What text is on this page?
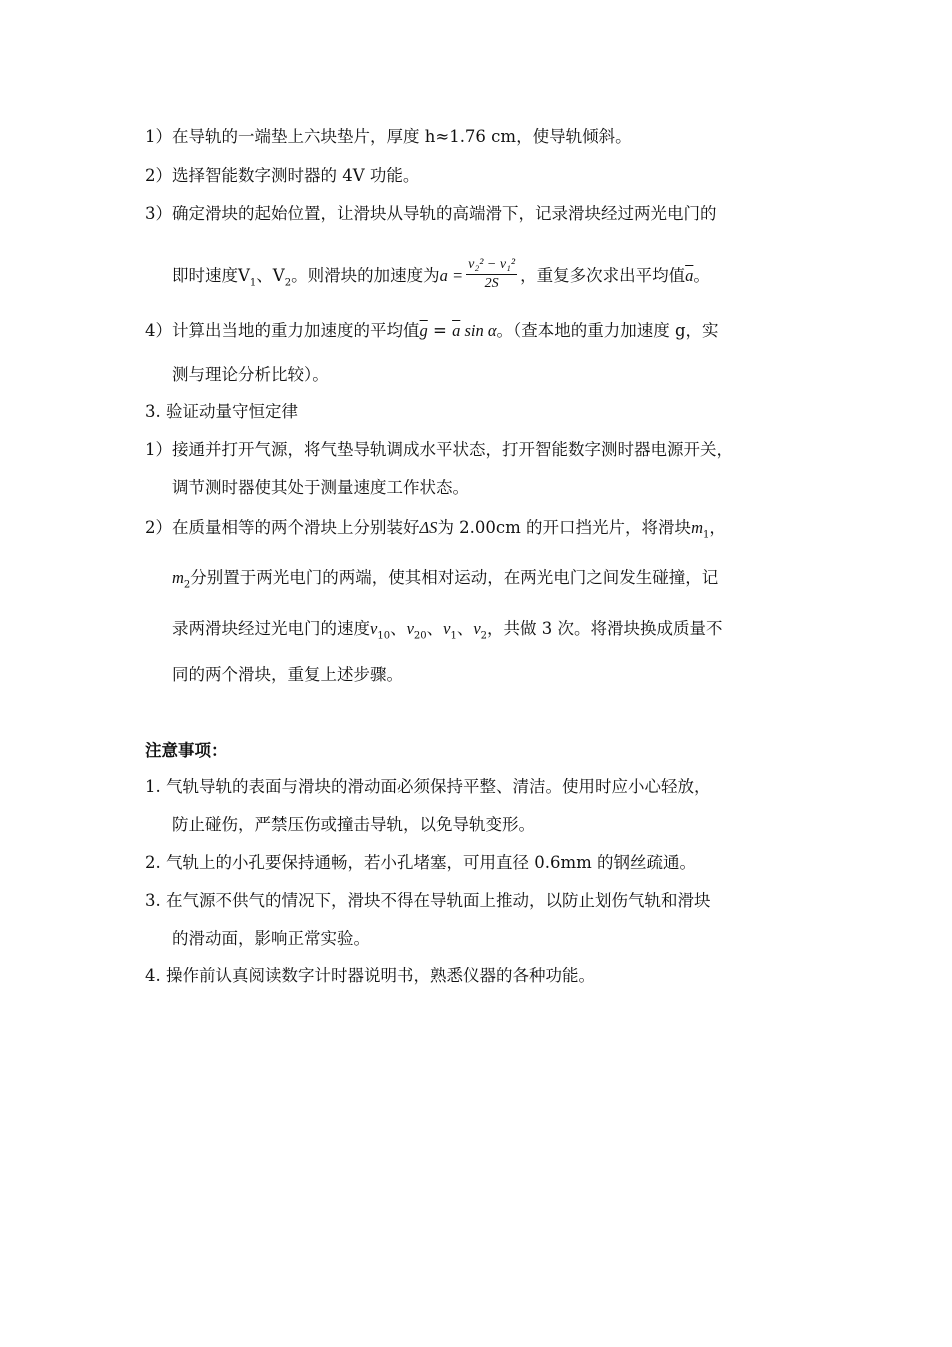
1）在导轨的一端垫上六块垫片，厚度 h≈1.76 cm，使导轨倾斜。
2）选择智能数字测时器的 4V 功能。
3）确定滑块的起始位置，让滑块从导轨的高端滑下，记录滑块经过两光电门的
即时速度$V_1$、$V_2$。则滑块的加速度为$a = \frac{\text{v₂² − v₁²}}{2S}$ ，重复多次求出平均值$\overline{a}$。
4）计算出当地的重力加速度的平均值$\overline{g} = \overline{a}$ sin α。（查本地的重力加速度 g，实
测与理论分析比较）。
3. 验证动量守恒定律
1）接通并打开气源，将气垫导轨调成水平状态，打开智能数字测时器电源开关，
调节测时器使其处于测量速度工作状态。
2）在质量相等的两个滑块上分别装好ΔS为 2.00cm 的开口挡光片，将滑块$m_1$，
$m_2$分别置于两光电门的两端，使其相对运动，在两光电门之间发生碰撞，记
录两滑块经过光电门的速度$v_{10}$、$v_{20}$、$v_1$、$v_2$，共做 3 次。将滑块换成质量不
同的两个滑块，重复上述步骤。
注意事项：
1. 气轨导轨的表面与滑块的滑动面必须保持平整、清洁。使用时应小心轻放，
防止碰伤，严禁压伤或撞击导轨，以免导轨变形。
2. 气轨上的小孔要保持通畅，若小孔堵塞，可用直径 0.6mm 的钢丝疏通。
3. 在气源不供气的情况下，滑块不得在导轨面上推动，以防止划伤气轨和滑块
的滑动面，影响正常实验。
4. 操作前认真阅读数字计时器说明书，熟悉仪器的各种功能。
